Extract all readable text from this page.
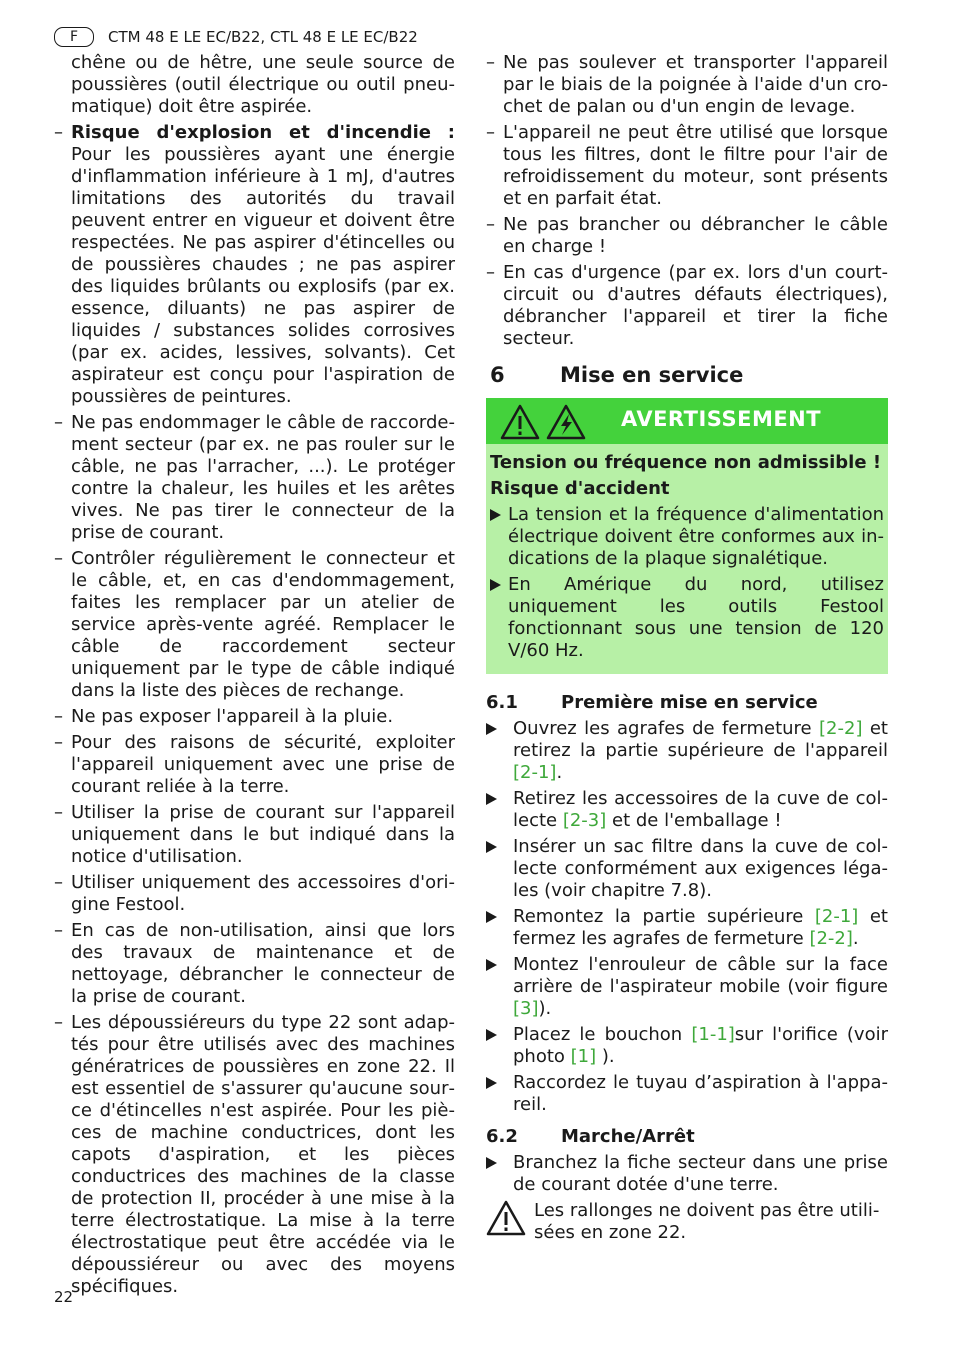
F	CTM 48 E LE EC/B22, CTL 48 E LE EC/B22

chêne ou de hêtre, une seule source de poussières (outil électrique ou outil pneumatique) doit être aspirée.

– Risque d'explosion et d'incendie : Pour les poussières ayant une énergie d'inflammation inférieure à 1 mJ, d'autres limitations des autorités du travail peuvent entrer en vigueur et doivent être respectées. Ne pas aspirer d'étincelles ou de poussières chaudes ; ne pas aspirer des liquides brûlants ou explosifs (par ex. essence, diluants) ne pas aspirer de liquides / substances solides corrosives (par ex. acides, lessives, solvants). Cet aspirateur est conçu pour l'aspiration de poussières de peintures.
– Ne pas endommager le câble de raccordement secteur (par ex. ne pas rouler sur le câble, ne pas l'arracher, ...). Le protéger contre la chaleur, les huiles et les arêtes vives. Ne pas tirer le connecteur de la prise de courant.
– Contrôler régulièrement le connecteur et le câble, et, en cas d'endommagement, faites les remplacer par un atelier de service après-vente agréé. Remplacer le câble de raccordement secteur uniquement par le type de câble indiqué dans la liste des pièces de rechange.
– Ne pas exposer l'appareil à la pluie.
– Pour des raisons de sécurité, exploiter l'appareil uniquement avec une prise de courant reliée à la terre.
– Utiliser la prise de courant sur l'appareil uniquement dans le but indiqué dans la notice d'utilisation.
– Utiliser uniquement des accessoires d'origine Festool.
– En cas de non-utilisation, ainsi que lors des travaux de maintenance et de nettoyage, débrancher le connecteur de la prise de courant.
– Les dépoussiéreurs du type 22 sont adaptés pour être utilisés avec des machines génératrices de poussières en zone 22. Il est essentiel de s'assurer qu'aucune source d'étincelles n'est aspirée. Pour les pièces de machine conductrices, dont les capots d'aspiration, et les pièces conductrices des machines de la classe de protection II, procéder à une mise à la terre électrostatique. La mise à la terre électrostatique peut être accédée via le dépoussiéreur ou avec des moyens spécifiques.
– Ne pas soulever et transporter l'appareil par le biais de la poignée à l'aide d'un crochet de palan ou d'un engin de levage.
– L'appareil ne peut être utilisé que lorsque tous les filtres, dont le filtre pour l'air de refroidissement du moteur, sont présents et en parfait état.
– Ne pas brancher ou débrancher le câble en charge !
– En cas d'urgence (par ex. lors d'un court-circuit ou d'autres défauts électriques), débrancher l'appareil et tirer la fiche secteur.
6	Mise en service
AVERTISSEMENT
Tension ou fréquence non admissible !
Risque d'accident
La tension et la fréquence d'alimentation électrique doivent être conformes aux indications de la plaque signalétique.
En Amérique du nord, utilisez uniquement les outils Festool fonctionnant sous une tension de 120 V/60 Hz.
6.1	Première mise en service
Ouvrez les agrafes de fermeture [2-2] et retirez la partie supérieure de l'appareil [2-1].
Retirez les accessoires de la cuve de collecte [2-3] et de l'emballage !
Insérer un sac filtre dans la cuve de collecte conformément aux exigences légales (voir chapitre 7.8).
Remontez la partie supérieure [2-1] et fermez les agrafes de fermeture [2-2].
Montez l'enrouleur de câble sur la face arrière de l'aspirateur mobile (voir figure [3]).
Placez le bouchon [1-1]sur l'orifice (voir photo [1] ).
Raccordez le tuyau d’aspiration à l'appareil.
6.2	Marche/Arrêt
Branchez la fiche secteur dans une prise de courant dotée d'une terre.
Les rallonges ne doivent pas être utilisées en zone 22.
22
